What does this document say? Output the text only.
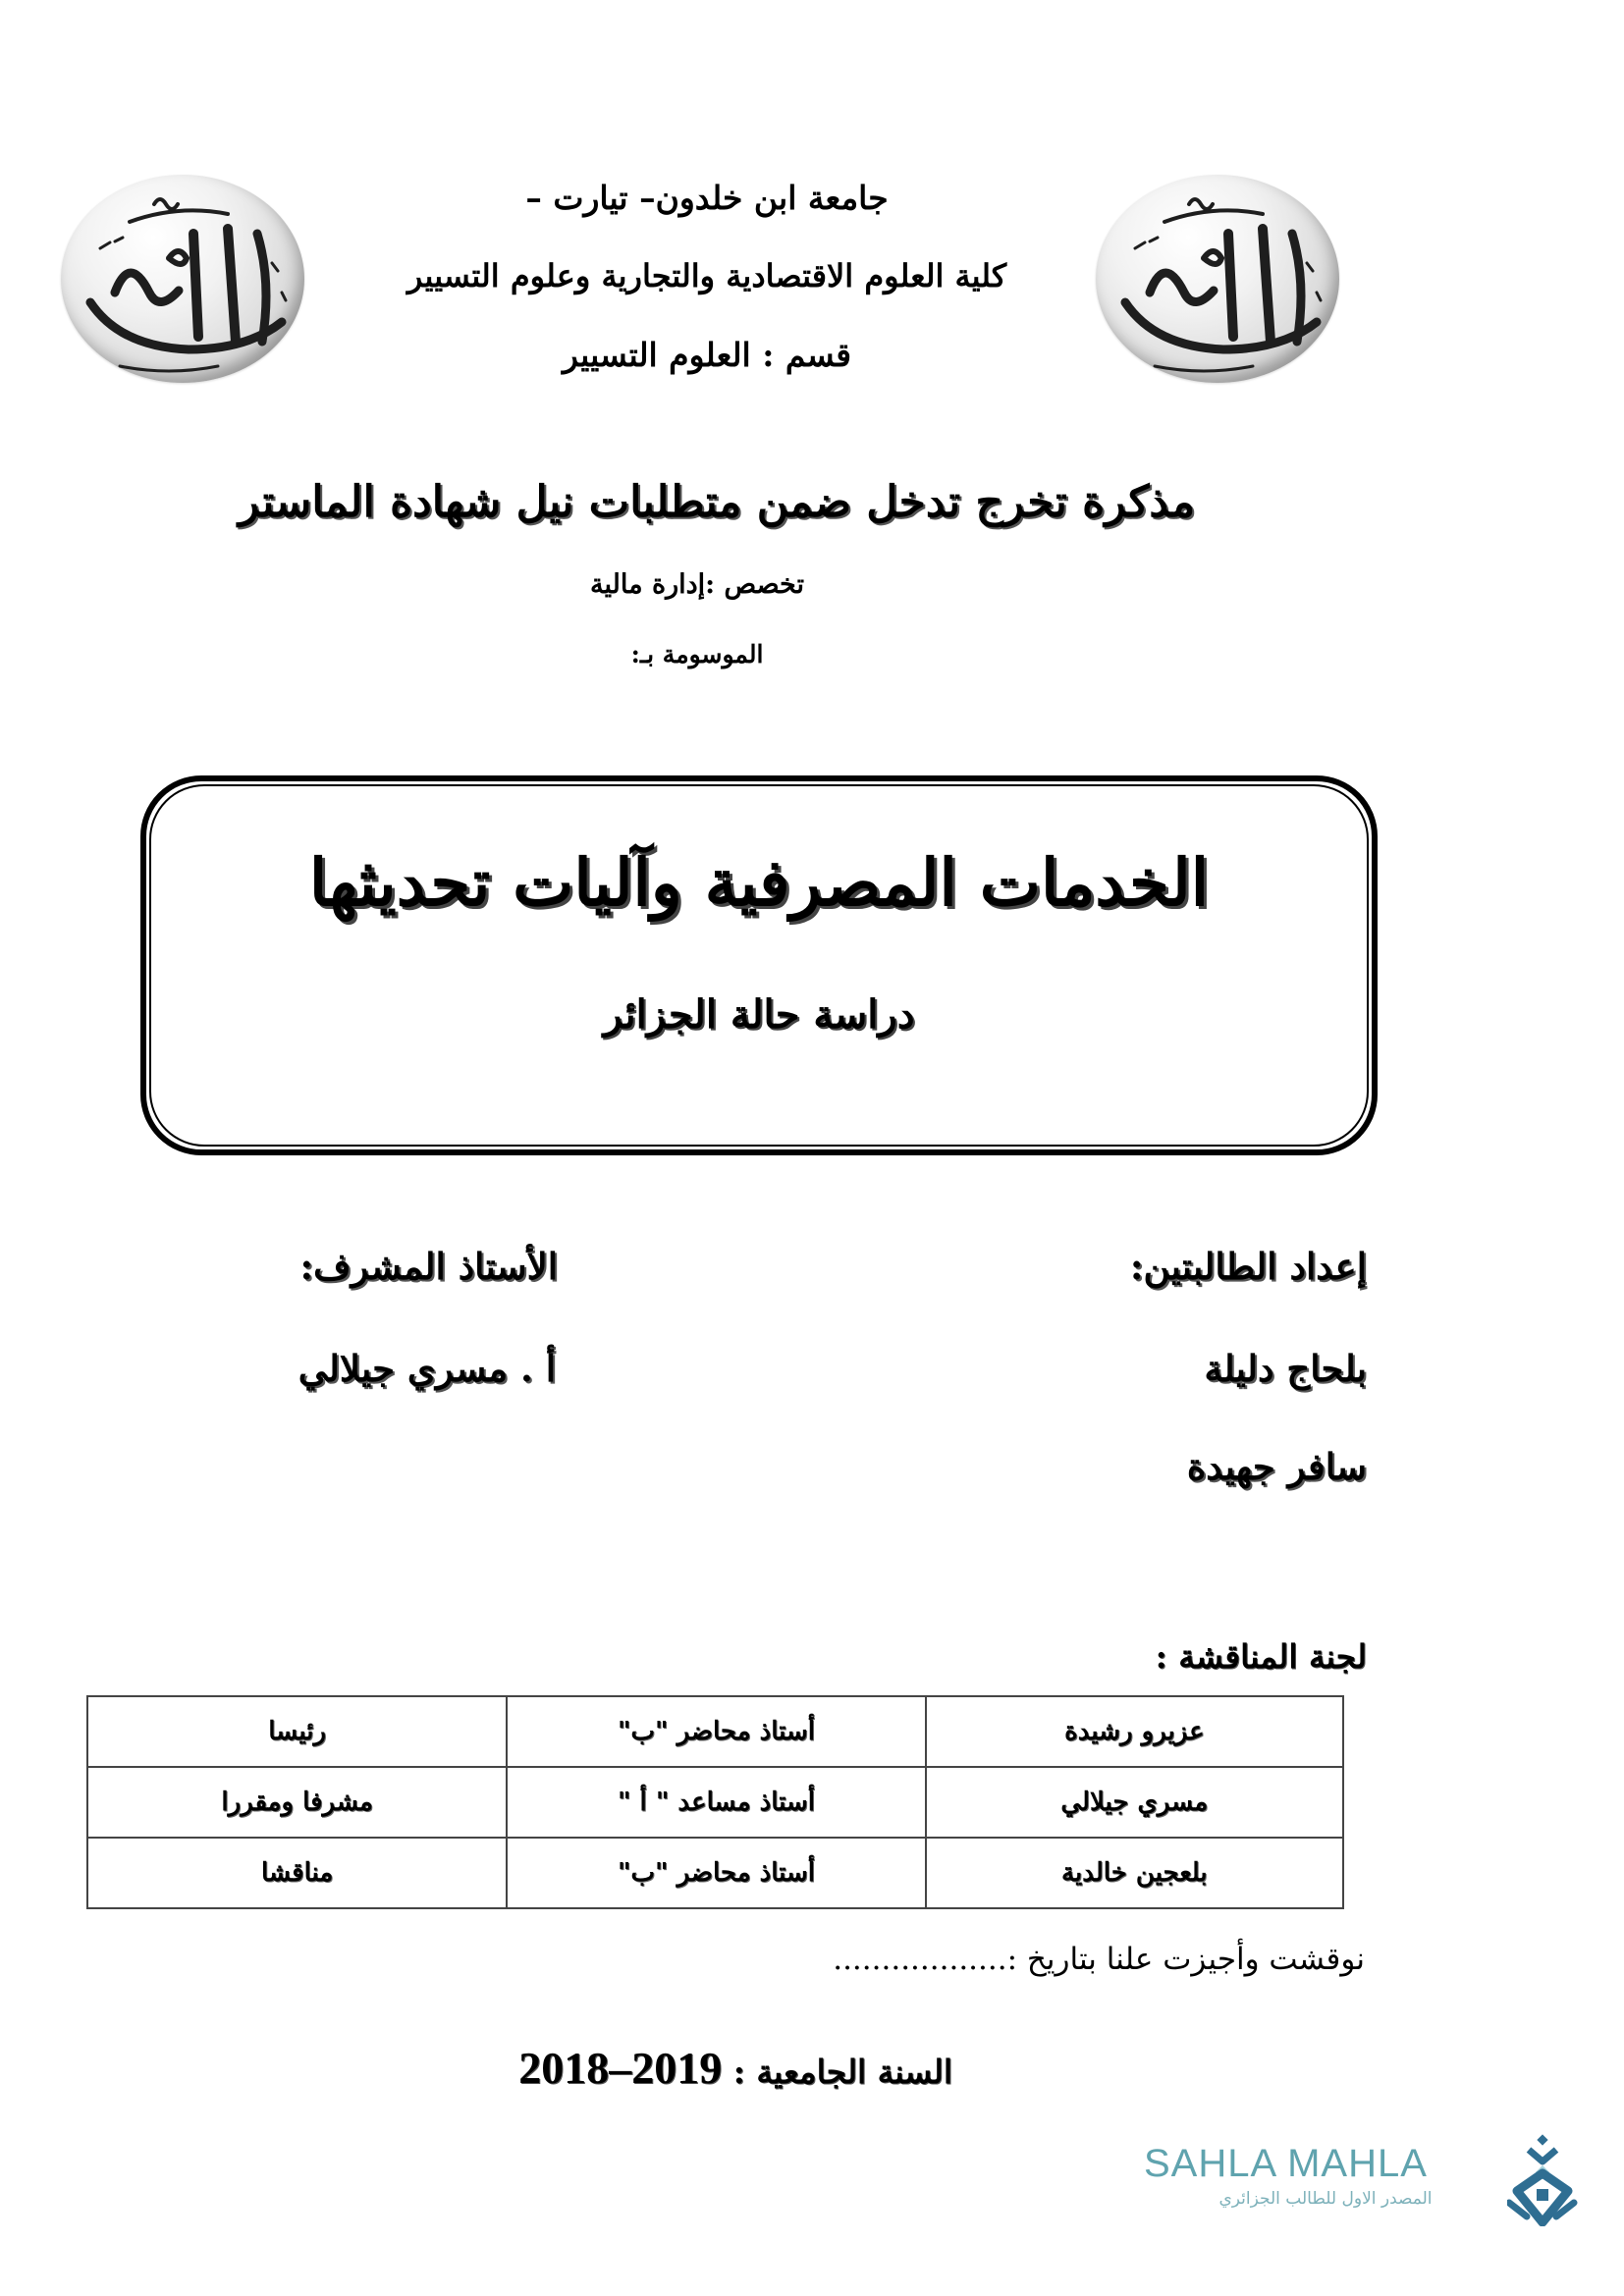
جامعة ابن خلدون– تيارت –
كلية العلوم الاقتصادية والتجارية وعلوم التسيير
قسم : العلوم التسيير
مذكرة تخرج تدخل ضمن متطلبات نيل شهادة الماستر
تخصص :إدارة مالية
الموسومة بـ:
الخدمات المصرفية وآليات تحديثها
دراسة حالة الجزائر
إعداد الطالبتين:
بلحاج دليلة
سافر جهيدة
الأستاذ المشرف:
أ . مسري جيلالي
لجنة المناقشة :
عزيرو رشيدة	أستاذ محاضر "ب"	رئيسا
مسري جيلالي	أستاذ مساعد " أ "	مشرفا ومقررا
بلعجين خالدية	أستاذ محاضر "ب"	مناقشا
نوقشت وأجيزت علنا بتاريخ :..................
السنة الجامعية : 2019–2018
SAHLA MAHLA
المصدر الاول للطالب الجزائري
